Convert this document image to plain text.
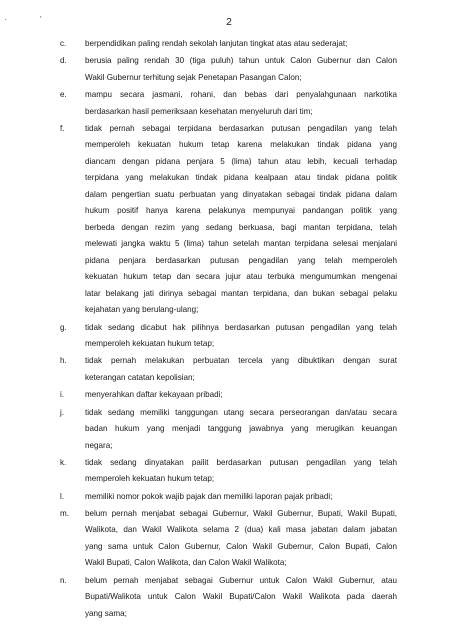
·	'	2
c. berpendidikan paling rendah sekolah lanjutan tingkat atas atau sederajat;
d. berusia paling rendah 30 (tiga puluh) tahun untuk Calon Gubernur dan Calon
Wakil Gubernur terhitung sejak Penetapan Pasangan Calon;
e. mampu secara jasmani, rohani, dan bebas dari penyalahgunaan narkotika
berdasarkan hasil pemeriksaan kesehatan menyeluruh dari tim;
f.	tidak pernah sebagai terpidana berdasarkan putusan pengadilan yang telah
memperoleh kekuatan hukum tetap karena melakukan tindak pidana yang
diancam dengan pidana penjara 5 (lima) tahun atau lebih, kecuali terhadap
terpidana yang melakukan tindak pidana kealpaan atau tindak pidana politik
dalam pengertian suatu perbuatan yang dinyatakan sebagai tindak pidana dalam
hukum positif hanya karena pelakunya mempunyai pandangan politik yang
berbeda dengan rezim yang sedang berkuasa, bagi mantan terpidana, telah
melewati jangka waktu 5 (lima) tahun setelah mantan terpidana selesai menjalani
pidana penjara berdasarkan putusan pengadilan yang telah memperoleh
kekuatan hukum tetap dan secara jujur atau terbuka mengumumkan mengenai
latar belakang jati dirinya sebagai mantan terpidana, dan bukan sebagai pelaku
kejahatan yang berulang-ulang;
g. tidak sedang dicabut hak pilihnya berdasarkan putusan pengadilan yang telah
memperoleh kekuatan hukum tetap;
h. tidak pernah melakukan perbuatan tercela yang dibuktikan dengan surat
keterangan catatan kepolisian;
i.	menyerahkan daftar kekayaan pribadi;
j.	tidak sedang memiliki tanggungan utang secara perseorangan dan/atau secara
badan hukum yang menjadi tanggung jawabnya yang merugikan keuangan
negara;
k. tidak sedang dinyatakan pailit berdasarkan putusan pengadilan yang telah
memperoleh kekuatan hukum tetap;
l.	memiliki nomor pokok wajib pajak dan memiliki laporan pajak pribadi;
m. belum pernah menjabat sebagai Gubernur, Wakil Gubernur, Bupati, Wakil Bupati,
Walikota, dan Wakil Walikota selama 2 (dua) kali masa jabatan dalam jabatan
yang sama untuk Calon Gubernur, Calon Wakil Gubernur, Calon Bupati, Calon
Wakil Bupati, Calon Walikota, dan Calon Wakil Walikota;
n. belum pernah menjabat sebagai Gubernur untuk Calon Wakil Gubernur, atau
Bupati/Walikota untuk Calon Wakil Bupati/Calon Wakil Walikota pada daerah
yang sama;
